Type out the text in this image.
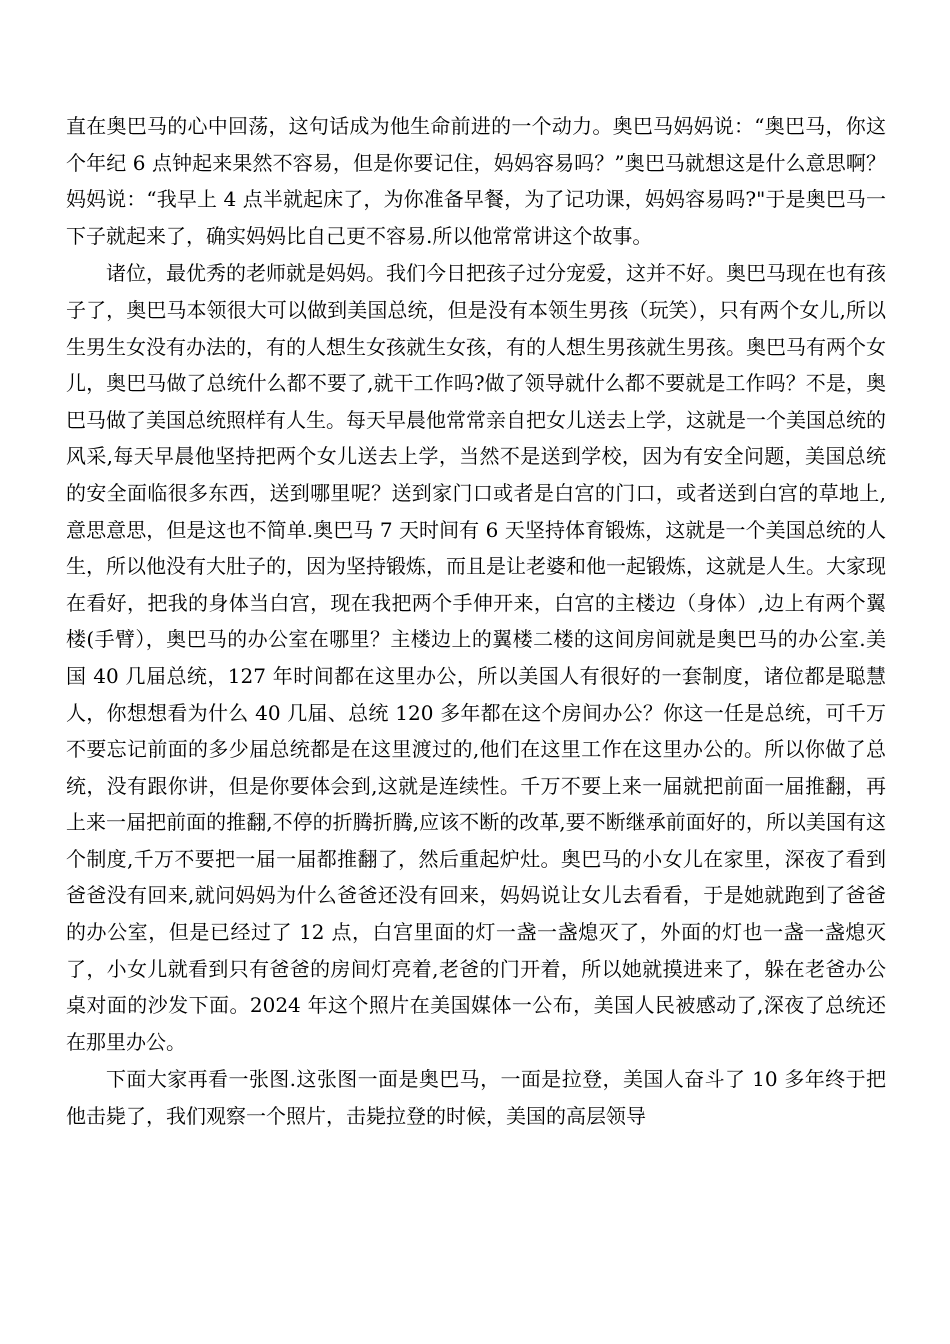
直在奥巴马的心中回荡，这句话成为他生命前进的一个动力。奥巴马妈妈说：“奥巴马，你这个年纪 6 点钟起来果然不容易，但是你要记住，妈妈容易吗？”奥巴马就想这是什么意思啊？妈妈说：“我早上 4 点半就起床了，为你准备早餐，为了记功课，妈妈容易吗?"于是奥巴马一下子就起来了，确实妈妈比自己更不容易.所以他常常讲这个故事。

诸位，最优秀的老师就是妈妈。我们今日把孩子过分宠爱，这并不好。奥巴马现在也有孩子了，奥巴马本领很大可以做到美国总统，但是没有本领生男孩（玩笑），只有两个女儿,所以生男生女没有办法的，有的人想生女孩就生女孩，有的人想生男孩就生男孩。奥巴马有两个女儿，奥巴马做了总统什么都不要了,就干工作吗?做了领导就什么都不要就是工作吗？不是，奥巴马做了美国总统照样有人生。每天早晨他常常亲自把女儿送去上学，这就是一个美国总统的风采,每天早晨他坚持把两个女儿送去上学，当然不是送到学校，因为有安全问题，美国总统的安全面临很多东西，送到哪里呢？送到家门口或者是白宫的门口，或者送到白宫的草地上,意思意思，但是这也不简单.奥巴马 7 天时间有 6 天坚持体育锻炼，这就是一个美国总统的人生，所以他没有大肚子的，因为坚持锻炼，而且是让老婆和他一起锻炼，这就是人生。大家现在看好，把我的身体当白宫，现在我把两个手伸开来，白宫的主楼边（身体）,边上有两个翼楼(手臂），奥巴马的办公室在哪里？主楼边上的翼楼二楼的这间房间就是奥巴马的办公室.美国 40 几届总统，127 年时间都在这里办公，所以美国人有很好的一套制度，诸位都是聪慧人，你想想看为什么 40 几届、总统 120 多年都在这个房间办公？你这一任是总统，可千万不要忘记前面的多少届总统都是在这里渡过的,他们在这里工作在这里办公的。所以你做了总统，没有跟你讲，但是你要体会到,这就是连续性。千万不要上来一届就把前面一届推翻，再上来一届把前面的推翻,不停的折腾折腾,应该不断的改革,要不断继承前面好的，所以美国有这个制度,千万不要把一届一届都推翻了，然后重起炉灶。奥巴马的小女儿在家里，深夜了看到爸爸没有回来,就问妈妈为什么爸爸还没有回来，妈妈说让女儿去看看，于是她就跑到了爸爸的办公室，但是已经过了 12 点，白宫里面的灯一盏一盏熄灭了，外面的灯也一盏一盏熄灭了，小女儿就看到只有爸爸的房间灯亮着,老爸的门开着，所以她就摸进来了，躲在老爸办公桌对面的沙发下面。2024 年这个照片在美国媒体一公布，美国人民被感动了,深夜了总统还在那里办公。

下面大家再看一张图.这张图一面是奥巴马，一面是拉登，美国人奋斗了 10 多年终于把他击毙了，我们观察一个照片，击毙拉登的时候，美国的高层领导
